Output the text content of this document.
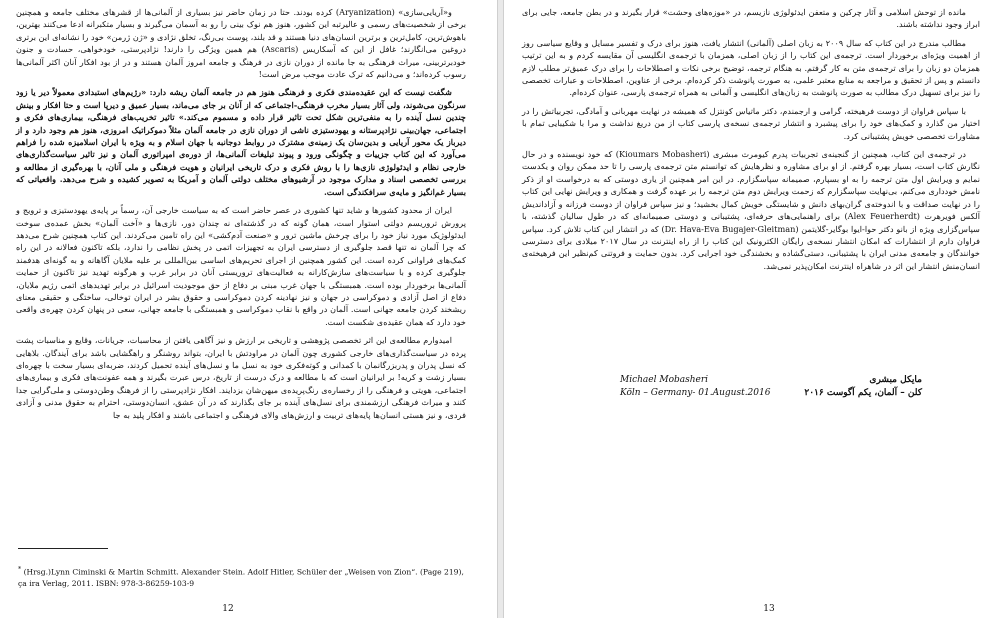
و«آریایی‌سازی» (Aryanization) کرده بودند. حتا در زمان حاضر نیز بسیاری از آلمانی‌ها از قشرهای مختلف جامعه و همچنین برخی از شخصیت‌های رسمی و عالیرتبه این کشور، هنوز هم نوک بینی را رو به آسمان می‌گیرند و بسیار متکبرانه ادعا می‌کنند بهترین، باهوش‌ترین، کامل‌ترین و برترین انسان‌های دنیا هستند و قد بلند، پوست بی‌رنگ، تخلق نژادی و «ژن ژرمن» خود را نشانه‌ای این برتری دروغین می‌انگارند؛ غافل از این که آسکاریس (Ascaris) هم همین ویژگی را دارند! نژادپرستی، خودخواهی، حسادت و جنون خودبرتربینی، میراث فرهنگی به جا مانده از دوران نازی در فرهنگ و جامعه امروز آلمان هستند و در از بود افکار آنان اکثر آلمانی‌ها رسوب کرده‌اند؛ و می‌دانیم که ترک عادت موجب مرض است!

شگفت نیست که این عقیده‌مندی فکری و فرهنگی هنوز هم در جامعه آلمان ریشه دارد: «رژیم‌های استبدادی معمولاً دیر یا زود سرنگون می‌شوند، ولی آثار بسیار مخرب فرهنگی-اجتماعی که از آنان بر جای می‌ماند، بسیار عمیق و دیرپا است و حتا افکار و بینش چندین نسل آینده را به منفی‌ترین شکل تحت تاثیر قرار داده و مسموم می‌کند.» تاثیر تخریب‌های فرهنگی، بیماری‌های فکری و اجتماعی، جهان‌بینی نژادپرستانه و یهودستیزی ناشی از دوران نازی در جامعه آلمان مثلاً دموکراتیک امروزی، هنوز هم وجود دارد و از دیرباز یک محور آریایی و بدین‌سان یک زمینه‌ی مشترک در روابط دوجانبه با جهان اسلام و به ویژه با ایران اسلامیزه شده را فراهم می‌آورد که این کتاب جزییات و چگونگی ورود و پیوند تبلیغات آلمانی‌ها، از دوره‌ی امپراتوری آلمان و نیز تاثیر سیاست‌گذاری‌های خارجی نظام و ایدئولوژی نازی‌ها را با روش فکری و درک تاریخی ایرانیان و هویت فرهنگی و ملی آنان، با بهره‌گیری از مطالعه و بررسی تخصصی اسناد و مدارک موجود در آرشیوهای مختلف دولتی آلمان و آمریکا به تصویر کشیده و شرح می‌دهد. واقعیاتی که بسیار غم‌انگیز و مایه‌ی سرافکندگی است.

ایران از محدود کشورها و شاید تنها کشوری در عصر حاضر است که به سیاست خارجی آن، رسماً بر پایه‌ی یهودستیزی و ترویج و پرورش تروریسم دولتی استوار است، همان گونه که در گذشته‌ای نه چندان دور، نازی‌ها و «آخت آلمان» بخش عمده‌ی سوخت ایدئولوژیک مورد نیاز خود را برای چرخش ماشین ترور و «صنعت آدم‌کشی» این راه تامین می‌کردند. این کتاب همچنین شرح می‌دهد که چرا آلمان نه تنها قصد جلوگیری از دسترسی ایران به تجهیزات اتمی در پخش نظامی را ندارد، بلکه تاکنون فعالانه در این راه کمک‌های فراوانی کرده است. این کشور همچنین از اجرای تحریم‌های اساسی بین‌المللی بر علیه ملایان آگاهانه و به گونه‌ای هدفمند جلوگیری کرده و با سیاست‌های سازش‌کارانه به فعالیت‌های تروریستی آنان در برابر غرب و هرگونه تهدید نیز تاکنون از حمایت آلمانی‌ها برخوردار بوده است. همبستگی با جهان غرب مبنی بر دفاع از حق موجودیت اسرائیل در برابر تهدیدهای اتمی رژیم ملایان، دفاع از اصل آزادی و دموکراسی در جهان و نیز نهادینه کردن دموکراسی و حقوق بشر در ایران توخالی، ساختگی و حقیقی معنای ریشخند کردن جامعه جهانی است. آلمان در واقع با نقاب دموکراسی و همبستگی با جامعه جهانی، سعی در پنهان کردن چهره‌ی واقعی خود دارد که همان عقیده‌ی شکست است.

امیدوارم مطالعه‌ی این اثر تخصصی پژوهشی و تاریخی بر ارزش و نیز آگاهی یافتن از محاسبات، جریانات، وقایع و مناسبات پشت پرده در سیاست‌گذاری‌های خارجی کشوری چون آلمان در مراودتش با ایران، بتواند روشنگر و راهگشایی باشد برای آیندگان. بلاهایی که نسل پدران و پدربزرگانمان با کمدانی و کوته‌فکری خود به نسل ما و نسل‌های آینده تحمیل کردند، ضربه‌ای بسیار سخت با چهره‌ای بسیار زشت و کریه! بر ایرانیان است که با مطالعه و درک درست از تاریخ، درس عبرت بگیرند و همه عفونت‌های فکری و بیماری‌های اجتماعی، هویتی و فرهنگی را از رخساره‌ی رنگ‌پریده‌ی میهن‌شان بزدایند. افکار نژادپرستی را از فرهنگ وطن‌دوستی و ملی‌گرایی جدا کنند و میراث فرهنگی ارزشمندی برای نسل‌های آینده بر جای بگذارند که در آن عشق، انسان‌دوستی، احترام به حقوق مدنی و آزادی فردی، و نیز هستی انسان‌ها پایه‌های تربیت و ارزش‌های والای فرهنگی و اجتماعی باشند و افکار پلید به جا

* (Hrsg.)Lynn Ciminski & Martin Schmitt. Alexander Stein. Adolf Hitler, Schüler der „Weisen von Zion“. (Page 219), ça ira Verlag, 2011. ISBN: 978-3-86259-103-9
12

مانده از توحش اسلامی و آثار چرکین و متعفن ایدئولوژی نازیسم، در «موزه‌های وحشت» قرار بگیرند و در بطن جامعه، جایی برای ابراز وجود نداشته باشند.

مطالب مندرج در این کتاب که سال ۲۰۰۹ به زبان اصلی (آلمانی) انتشار یافت، هنوز برای درک و تفسیر مسایل و وقایع سیاسی روز از اهمیت ویژه‌ای برخوردار است. ترجمه‌ی این کتاب را از زبان اصلی، همزمان با ترجمه‌ی انگلیسی آن مقایسه کردم و به این ترتیب همزمان دو زبان را برای ترجمه‌ی متن به کار گرفتم. به هنگام ترجمه، توضیح برخی نکات و اصطلاحات را برای درک عمیق‌تر مطلب لازم دانستم و پس از تحقیق و مراجعه به منابع معتبر علمی، به صورت پانوشت ذکر کرده‌ام. برخی از عناوین، اصطلاحات و عبارات تخصصی را نیز برای تسهیل درک مطالب به صورت پانوشت به زبان‌های انگلیسی و آلمانی به همراه ترجمه‌ی پارسی، عنوان کرده‌ام.

با سپاس فراوان از دوست فرهیخته، گرامی و ارجمندم، دکتر ماتیاس کونتزل که همیشه در نهایت مهربانی و آمادگی، تجربیاتش را در اختیار من گذارد و کمک‌های خود را برای پیشبرد و انتشار ترجمه‌ی نسخه‌ی پارسی کتاب از من دریغ نداشت و مرا با شکیبایی تمام با مشاورات تخصصی خویش پشتیبانی کرد.

در ترجمه‌ی این کتاب، همچنین از گنجینه‌ی تجربیات پدرم کیومرث مبشری (Kioumars Mobasheri) که خود نویسنده و در حال نگارش کتاب است، بسیار بهره گرفتم. از او برای مشاوره و نظرهایش که توانستم متن ترجمه‌ی پارسی را تا حد ممکن روان و یکدست نمایم و ویرایش اول متن ترجمه را به او بسپارم، صمیمانه سپاسگزارم. در این امر همچنین از یاری دوستی که به درخواست او از ذکر نامش خودداری می‌کنم، بی‌نهایت سپاسگزارم که زحمت ویرایش دوم متن ترجمه را بر عهده گرفت و همکاری و ویرایش نهایی این کتاب را در نهایت صداقت و با اندوخته‌ی گران‌بهای دانش و شایستگی خویش کمال بخشید؛ و نیز سپاس فراوان از دوست فرزانه و آزاداندیش آلکس فویرهرت (Alex Feuerherdt) برای راهنمایی‌های حرفه‌ای، پشتیبانی و دوستی صمیمانه‌ای که در طول سالیان گذشته، با سپاس‌گزاری ویژه از بانو دکتر حوا-ایوا بوگایر-گلایتمن (Dr. Hava-Eva Bugajer-Gleitman) که در انتشار این کتاب تلاش کرد. سپاس فراوان دارم از انتشارات که امکان انتشار نسخه‌ی رایگان الکترونیک این کتاب را از راه اینترنت در سال ۲۰۱۷ میلادی برای دسترسی خوانندگان و جامعه‌ی مدنی ایران با پشتیبانی، دستی‌گشاده و بخشندگی خود اجرایی کرد. بدون حمایت و فروتنی کم‌نظیر این فرهیخته‌ی انسان‌منش انتشار این اثر در شاهراه اینترنت امکان‌پذیر نمی‌شد.

Michael Mobasheri
Köln – Germany- 01.August.2016
مایکل مبشری
کلن – آلمان، یکم آگوست ۲۰۱۶
13
